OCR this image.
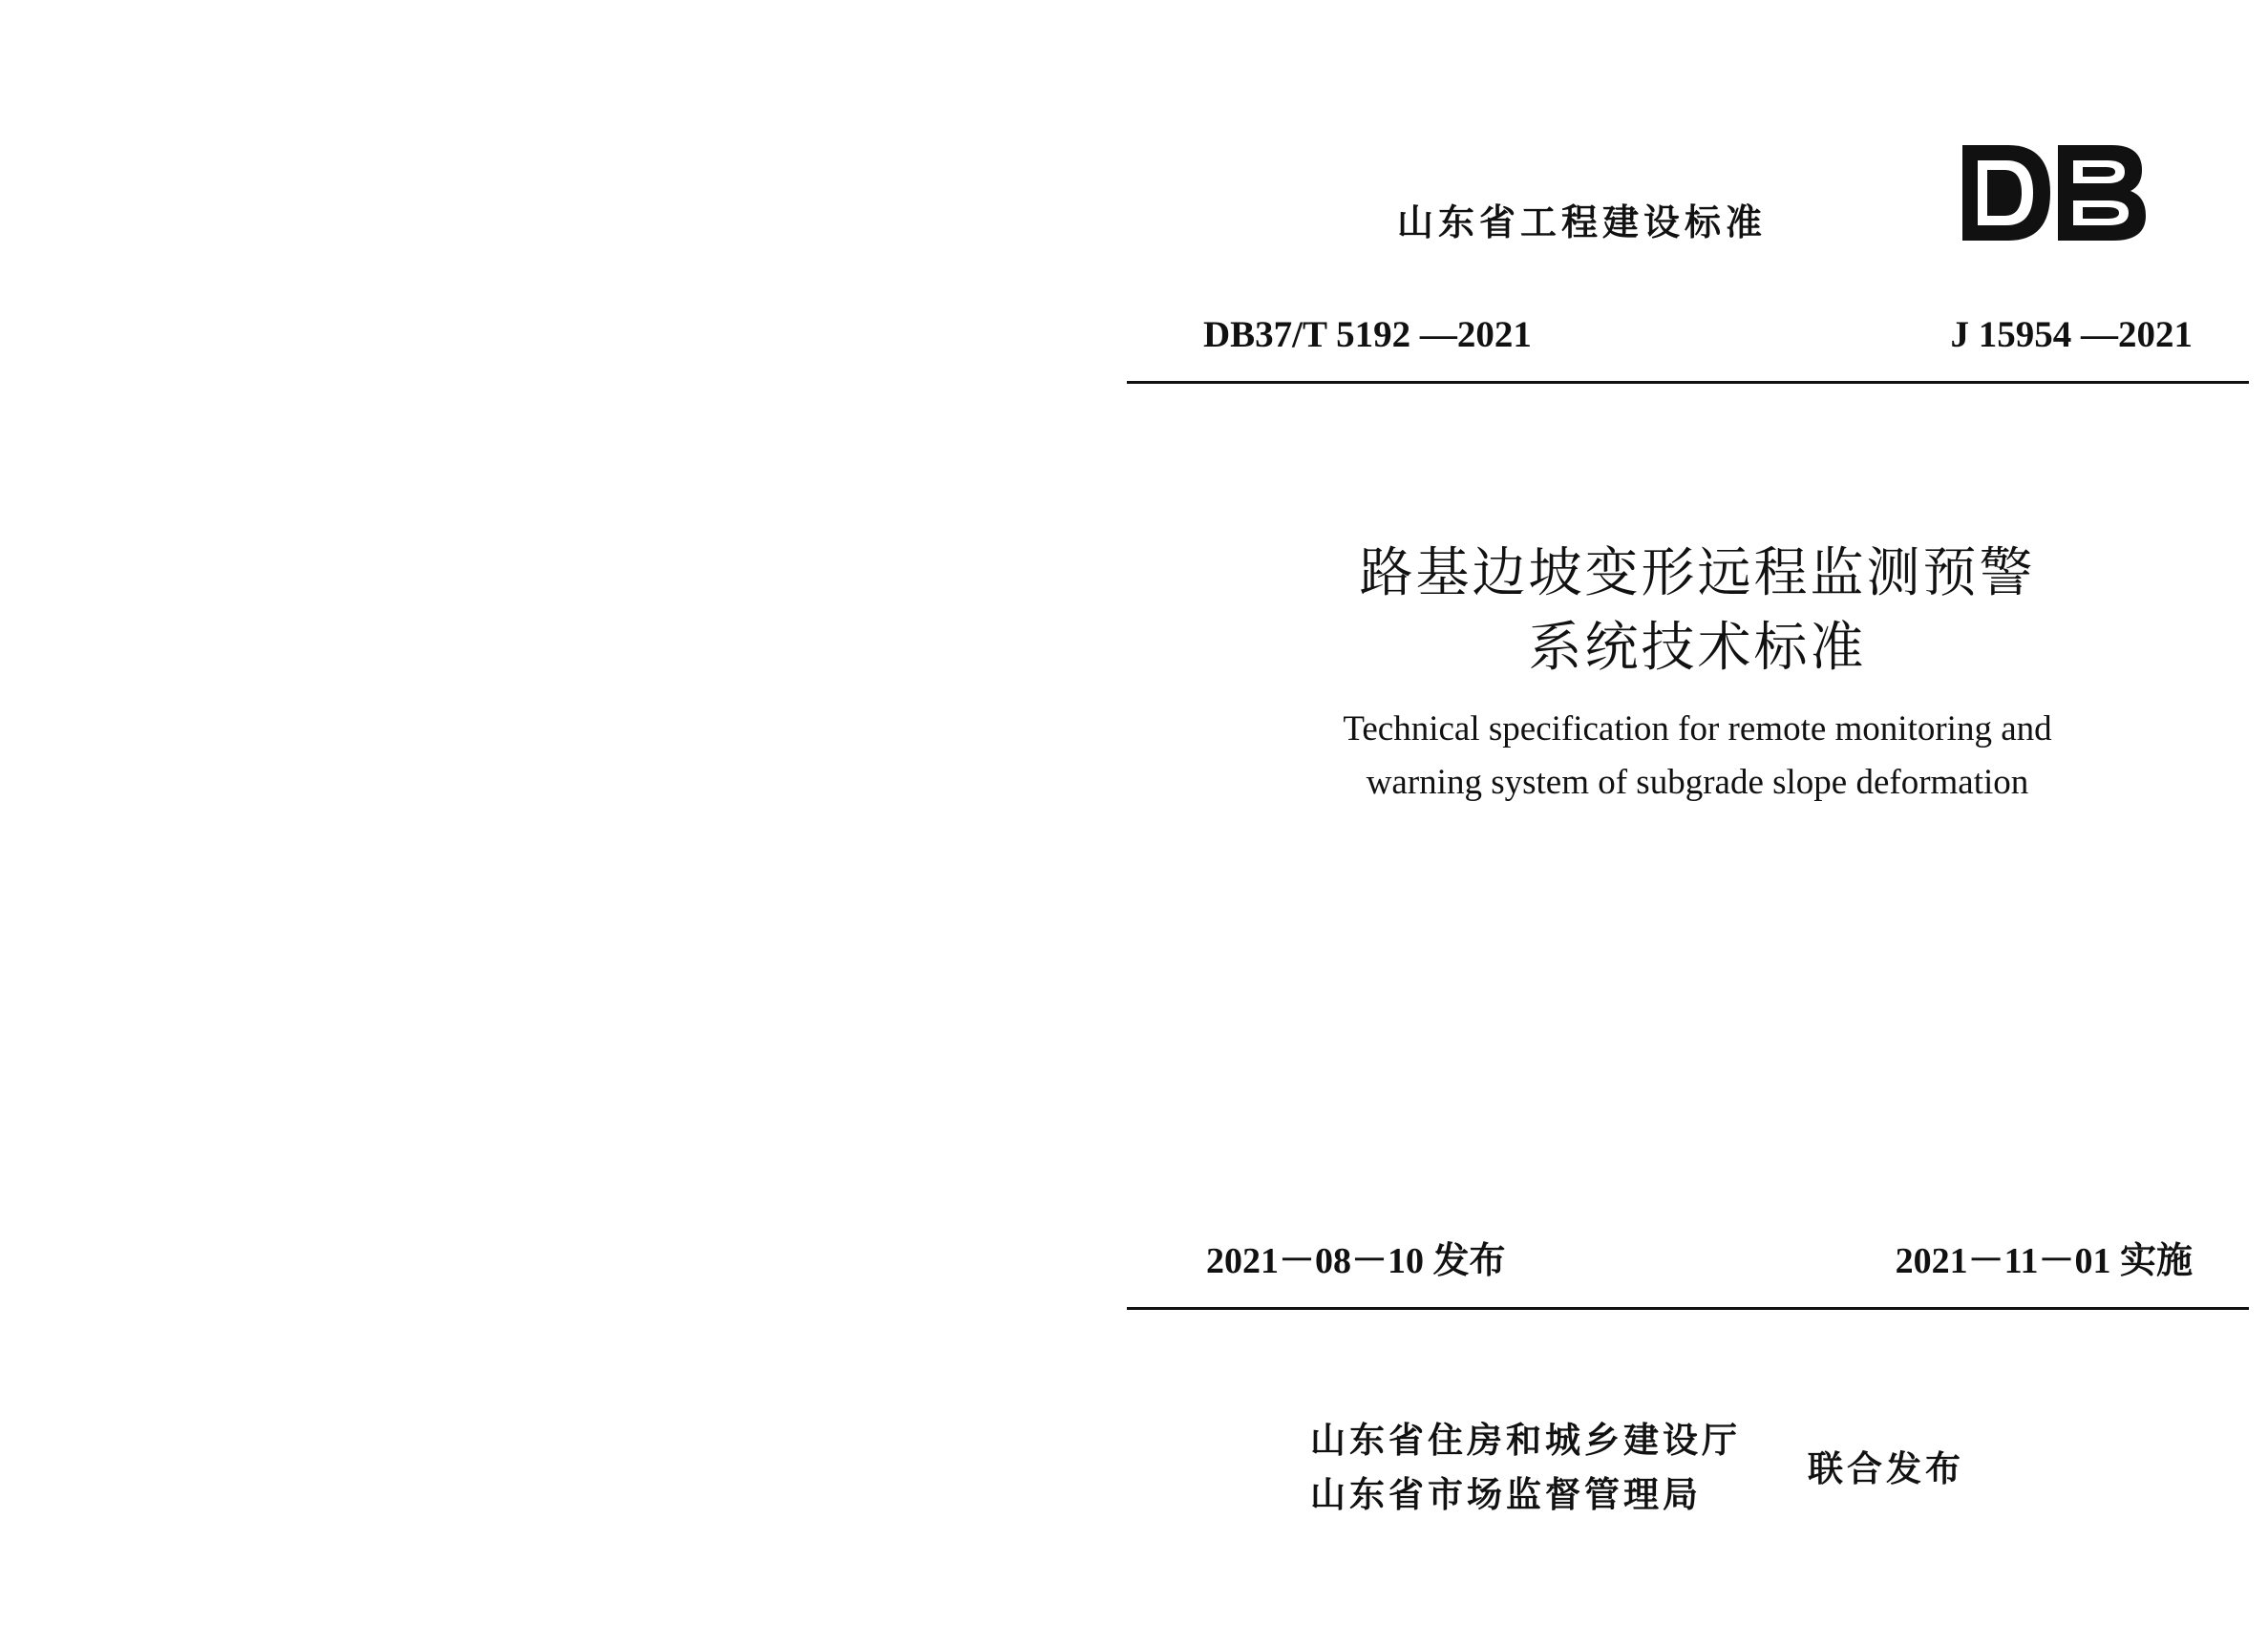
山东省工程建设标准
DB37/T 5192 —2021	J 15954 —2021
路基边坡变形远程监测预警
系统技术标准
Technical specification for remote monitoring and
warning system of subgrade slope deformation
2021－08－10 发布	2021－11－01 实施
山东省住房和城乡建设厅
山东省市场监督管理局
联合发布
